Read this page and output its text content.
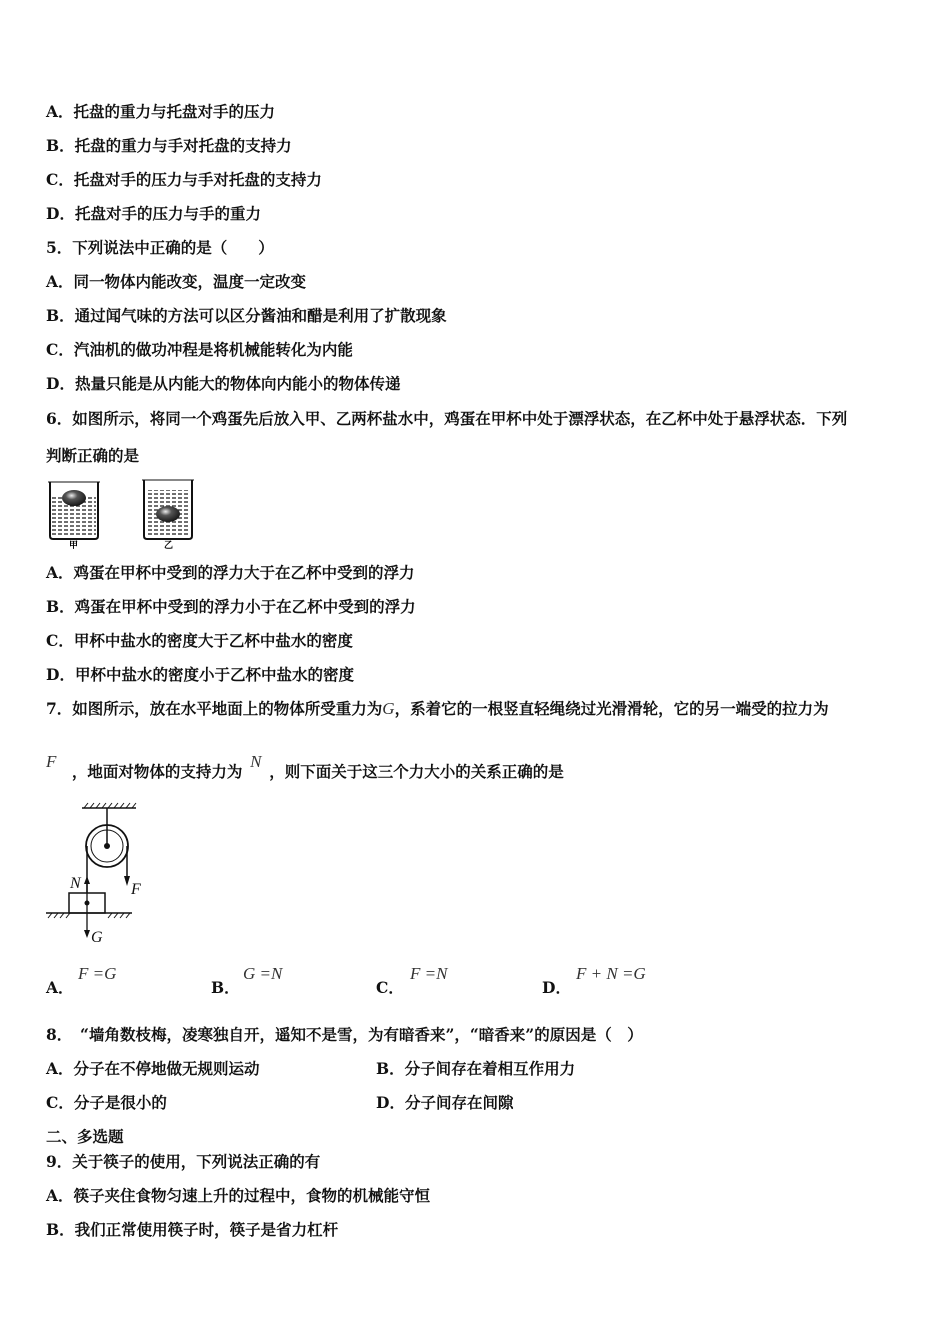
A．托盘的重力与托盘对手的压力
B．托盘的重力与手对托盘的支持力
C．托盘对手的压力与手对托盘的支持力
D．托盘对手的压力与手的重力
5．下列说法中正确的是（　　）
A．同一物体内能改变，温度一定改变
B．通过闻气味的方法可以区分酱油和醋是利用了扩散现象
C．汽油机的做功冲程是将机械能转化为内能
D．热量只能是从内能大的物体向内能小的物体传递
6．如图所示，将同一个鸡蛋先后放入甲、乙两杯盐水中，鸡蛋在甲杯中处于漂浮状态，在乙杯中处于悬浮状态．下列
判断正确的是
甲	乙
A．鸡蛋在甲杯中受到的浮力大于在乙杯中受到的浮力
B．鸡蛋在甲杯中受到的浮力小于在乙杯中受到的浮力
C．甲杯中盐水的密度大于乙杯中盐水的密度
D．甲杯中盐水的密度小于乙杯中盐水的密度
7．如图所示，放在水平地面上的物体所受重力为G，系着它的一根竖直轻绳绕过光滑滑轮，它的另一端受的拉力为
F ，地面对物体的支持力为 N ，则下面关于这三个力大小的关系正确的是
N	F
G
A．
F =G
B．
G =N
C．
F =N
D．
F + N =G
8．　“墙角数枝梅，凌寒独自开，遥知不是雪，为有暗香来”，“暗香来”的原因是（　）
A．分子在不停地做无规则运动	B．分子间存在着相互作用力
C．分子是很小的	D．分子间存在间隙
二、多选题
9．关于筷子的使用，下列说法正确的有
A．筷子夹住食物匀速上升的过程中，食物的机械能守恒
B．我们正常使用筷子时，筷子是省力杠杆
